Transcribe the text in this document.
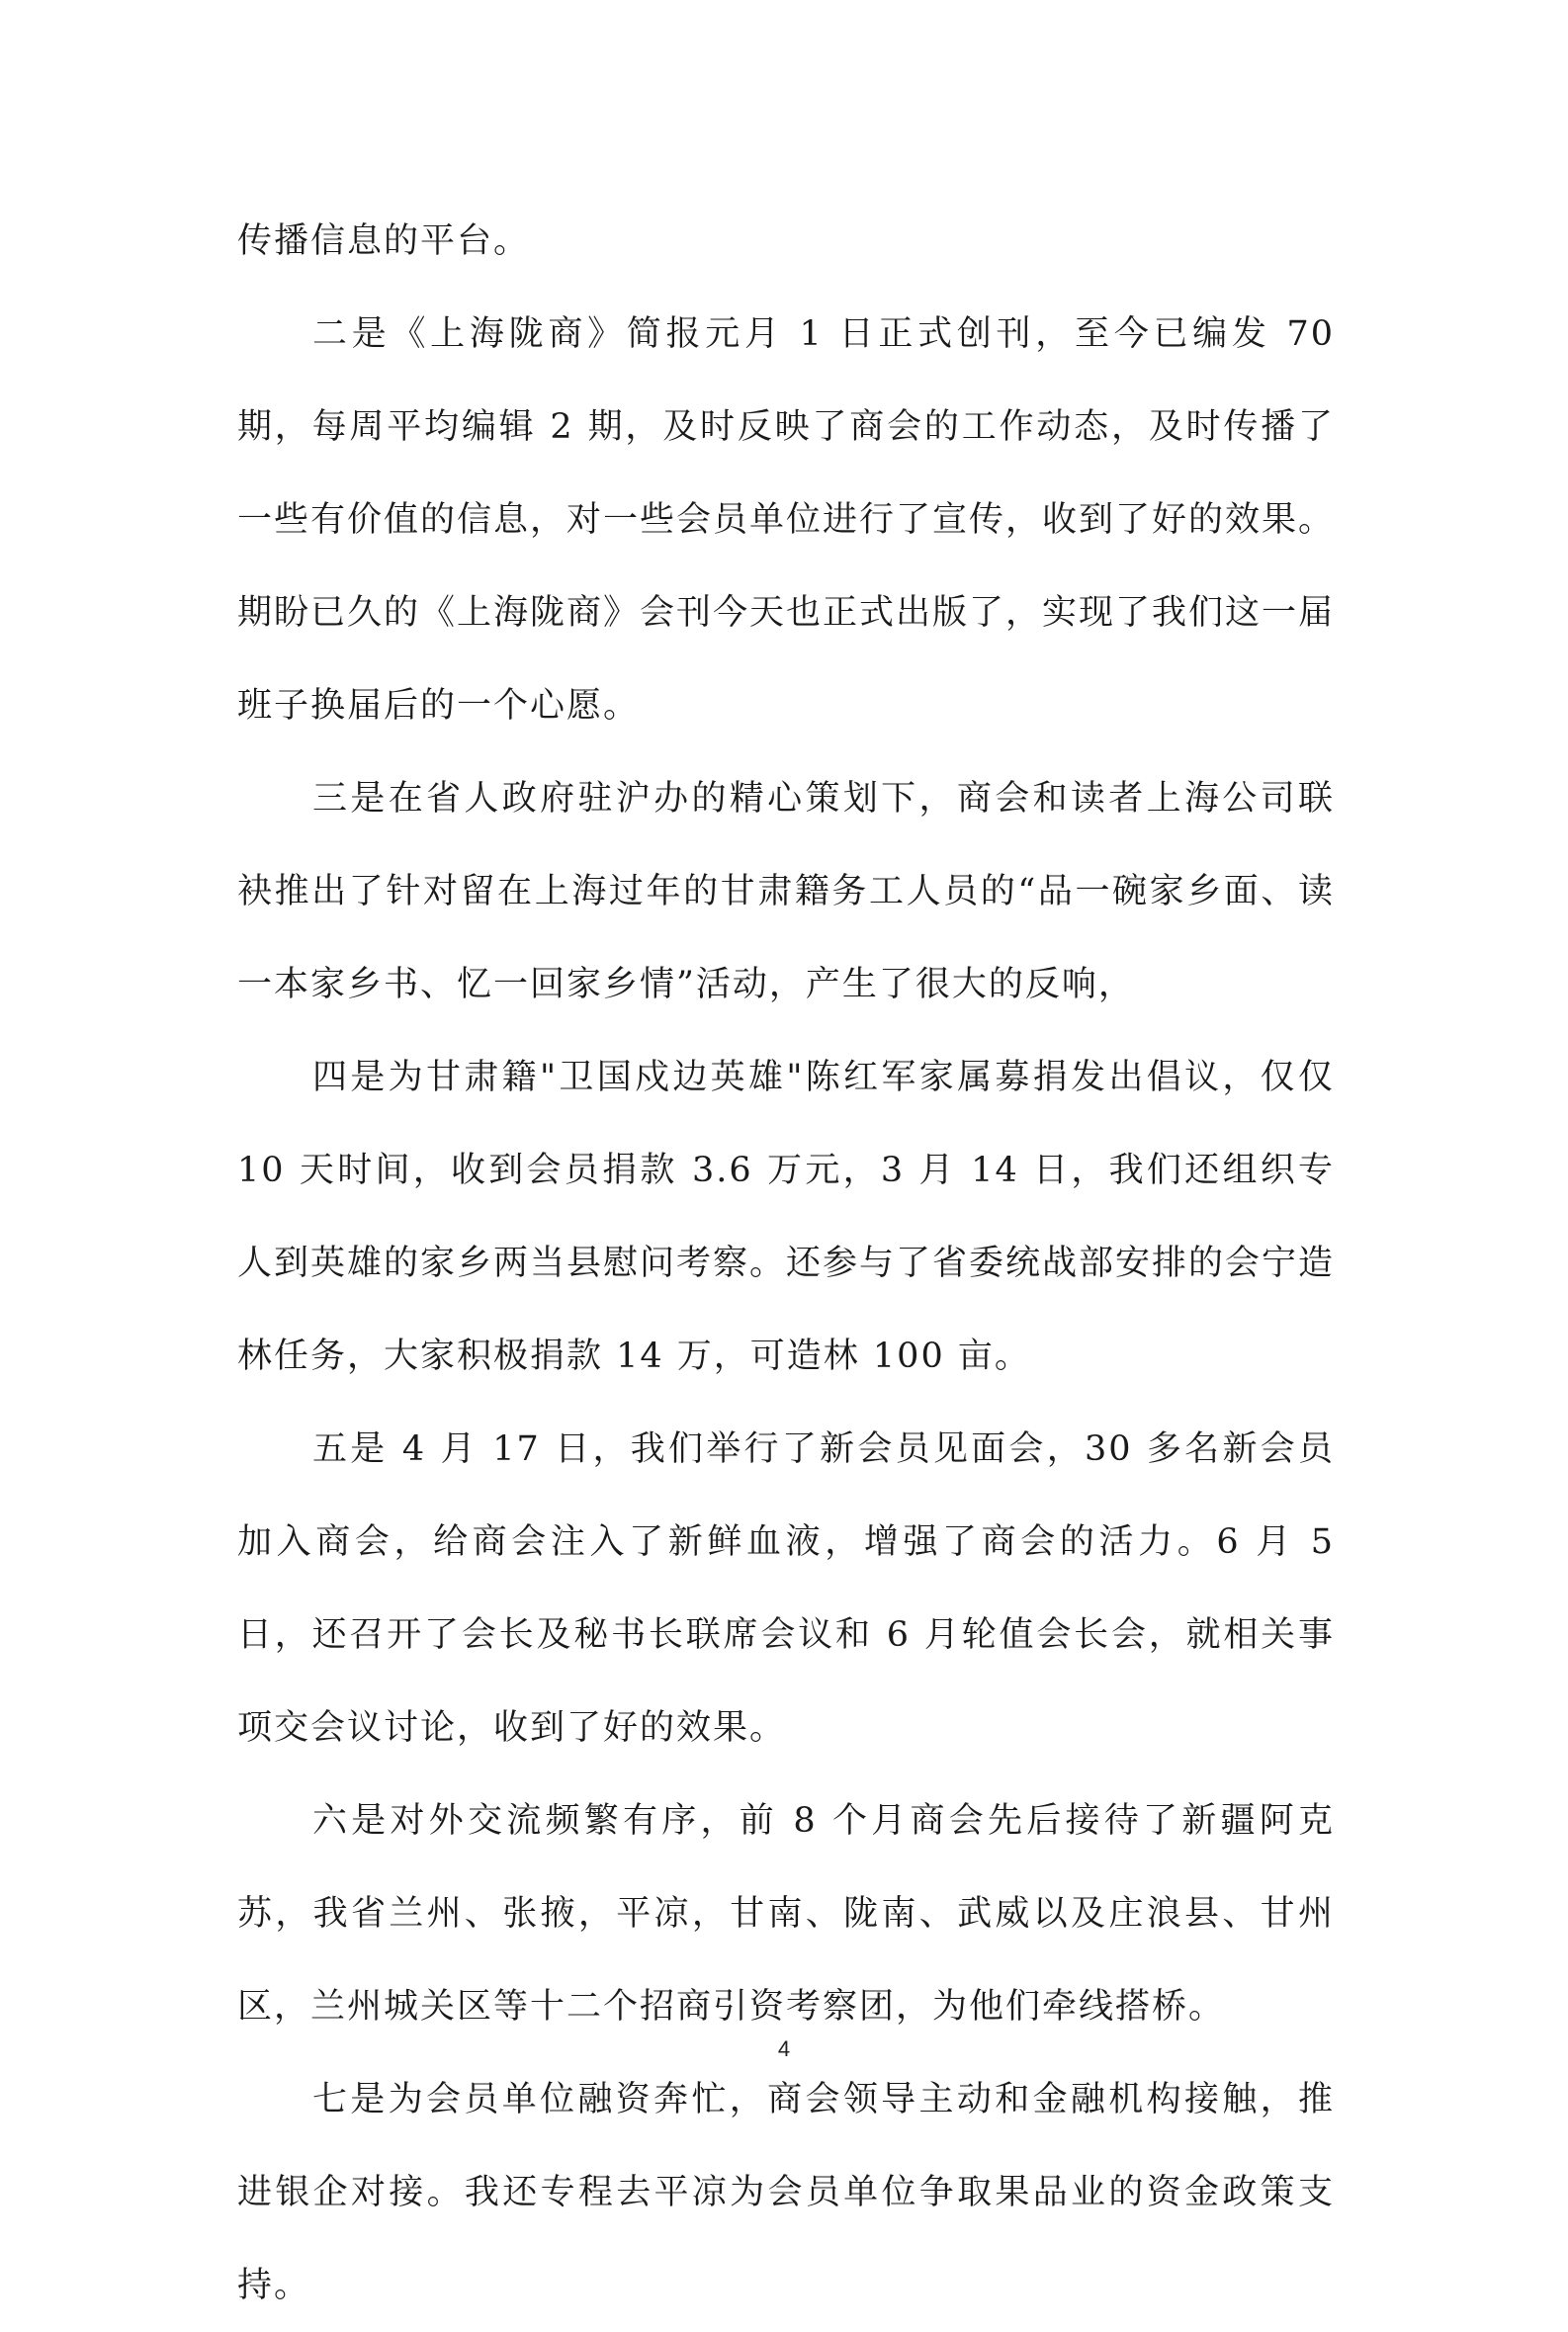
传播信息的平台。

二是《上海陇商》简报元月 1 日正式创刊，至今已编发 70 期，每周平均编辑 2 期，及时反映了商会的工作动态，及时传播了一些有价值的信息，对一些会员单位进行了宣传，收到了好的效果。期盼已久的《上海陇商》会刊今天也正式出版了，实现了我们这一届班子换届后的一个心愿。

三是在省人政府驻沪办的精心策划下，商会和读者上海公司联袂推出了针对留在上海过年的甘肃籍务工人员的“品一碗家乡面、读一本家乡书、忆一回家乡情”活动，产生了很大的反响，

四是为甘肃籍"卫国戍边英雄"陈红军家属募捐发出倡议，仅仅 10 天时间，收到会员捐款 3.6 万元，3 月 14 日，我们还组织专人到英雄的家乡两当县慰问考察。还参与了省委统战部安排的会宁造林任务，大家积极捐款 14 万，可造林 100 亩。

五是 4 月 17 日，我们举行了新会员见面会，30 多名新会员加入商会，给商会注入了新鲜血液，增强了商会的活力。6 月 5 日，还召开了会长及秘书长联席会议和 6 月轮值会长会，就相关事项交会议讨论，收到了好的效果。

六是对外交流频繁有序，前 8 个月商会先后接待了新疆阿克苏，我省兰州、张掖，平凉，甘南、陇南、武威以及庄浪县、甘州区，兰州城关区等十二个招商引资考察团，为他们牵线搭桥。

七是为会员单位融资奔忙，商会领导主动和金融机构接触，推进银企对接。我还专程去平凉为会员单位争取果品业的资金政策支持。

4
